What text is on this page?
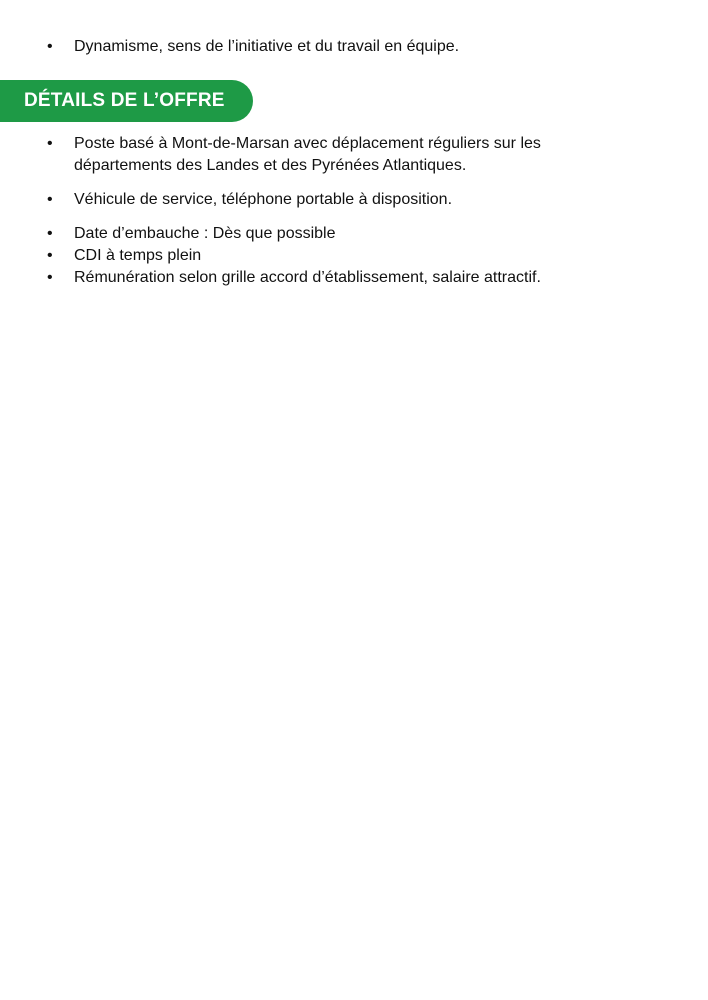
• Dynamisme, sens de l’initiative et du travail en équipe.
DÉTAILS DE L’OFFRE
• Poste basé à Mont-de-Marsan avec déplacement réguliers sur les départements des Landes et des Pyrénées Atlantiques.
• Véhicule de service, téléphone portable à disposition.
• Date d’embauche : Dès que possible
• CDI à temps plein
• Rémunération selon grille accord d’établissement, salaire attractif.
